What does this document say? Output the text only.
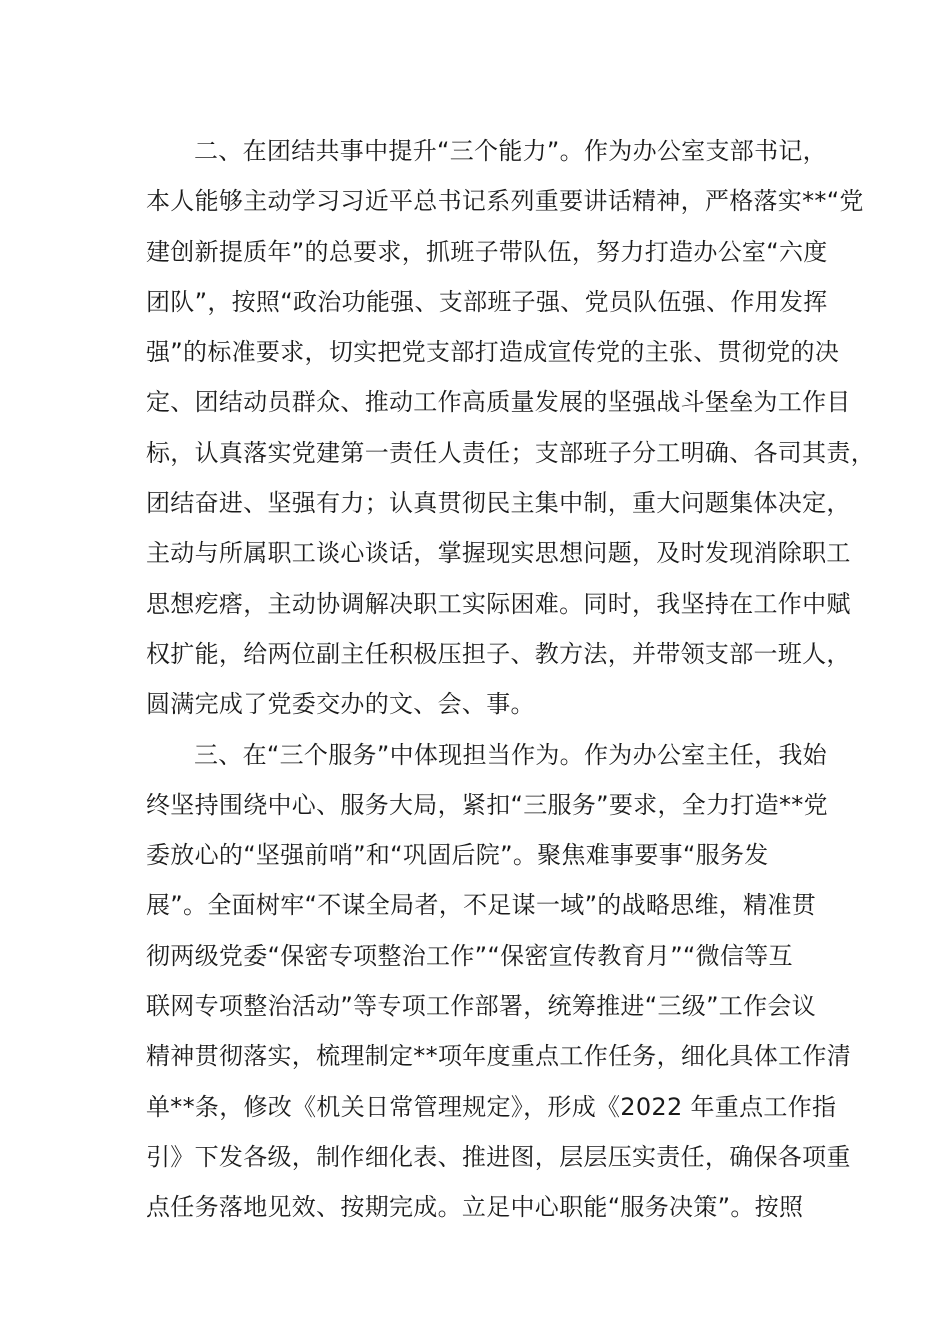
二、在团结共事中提升“三个能力”。作为办公室支部书记，
本人能够主动学习习近平总书记系列重要讲话精神，严格落实**“党
建创新提质年”的总要求，抓班子带队伍，努力打造办公室“六度
团队”，按照“政治功能强、支部班子强、党员队伍强、作用发挥
强”的标准要求，切实把党支部打造成宣传党的主张、贯彻党的决
定、团结动员群众、推动工作高质量发展的坚强战斗堡垒为工作目
标，认真落实党建第一责任人责任；支部班子分工明确、各司其责，
团结奋进、坚强有力；认真贯彻民主集中制，重大问题集体决定，
主动与所属职工谈心谈话，掌握现实思想问题，及时发现消除职工
思想疙瘩，主动协调解决职工实际困难。同时，我坚持在工作中赋
权扩能，给两位副主任积极压担子、教方法，并带领支部一班人，
圆满完成了党委交办的文、会、事。
三、在“三个服务”中体现担当作为。作为办公室主任，我始
终坚持围绕中心、服务大局，紧扣“三服务”要求，全力打造**党
委放心的“坚强前哨”和“巩固后院”。聚焦难事要事“服务发
展”。全面树牢“不谋全局者，不足谋一域”的战略思维，精准贯
彻两级党委“保密专项整治工作”“保密宣传教育月”“微信等互
联网专项整治活动”等专项工作部署，统筹推进“三级”工作会议
精神贯彻落实，梳理制定**项年度重点工作任务，细化具体工作清
单**条，修改《机关日常管理规定》，形成《2022 年重点工作指
引》下发各级，制作细化表、推进图，层层压实责任，确保各项重
点任务落地见效、按期完成。立足中心职能“服务决策”。按照
